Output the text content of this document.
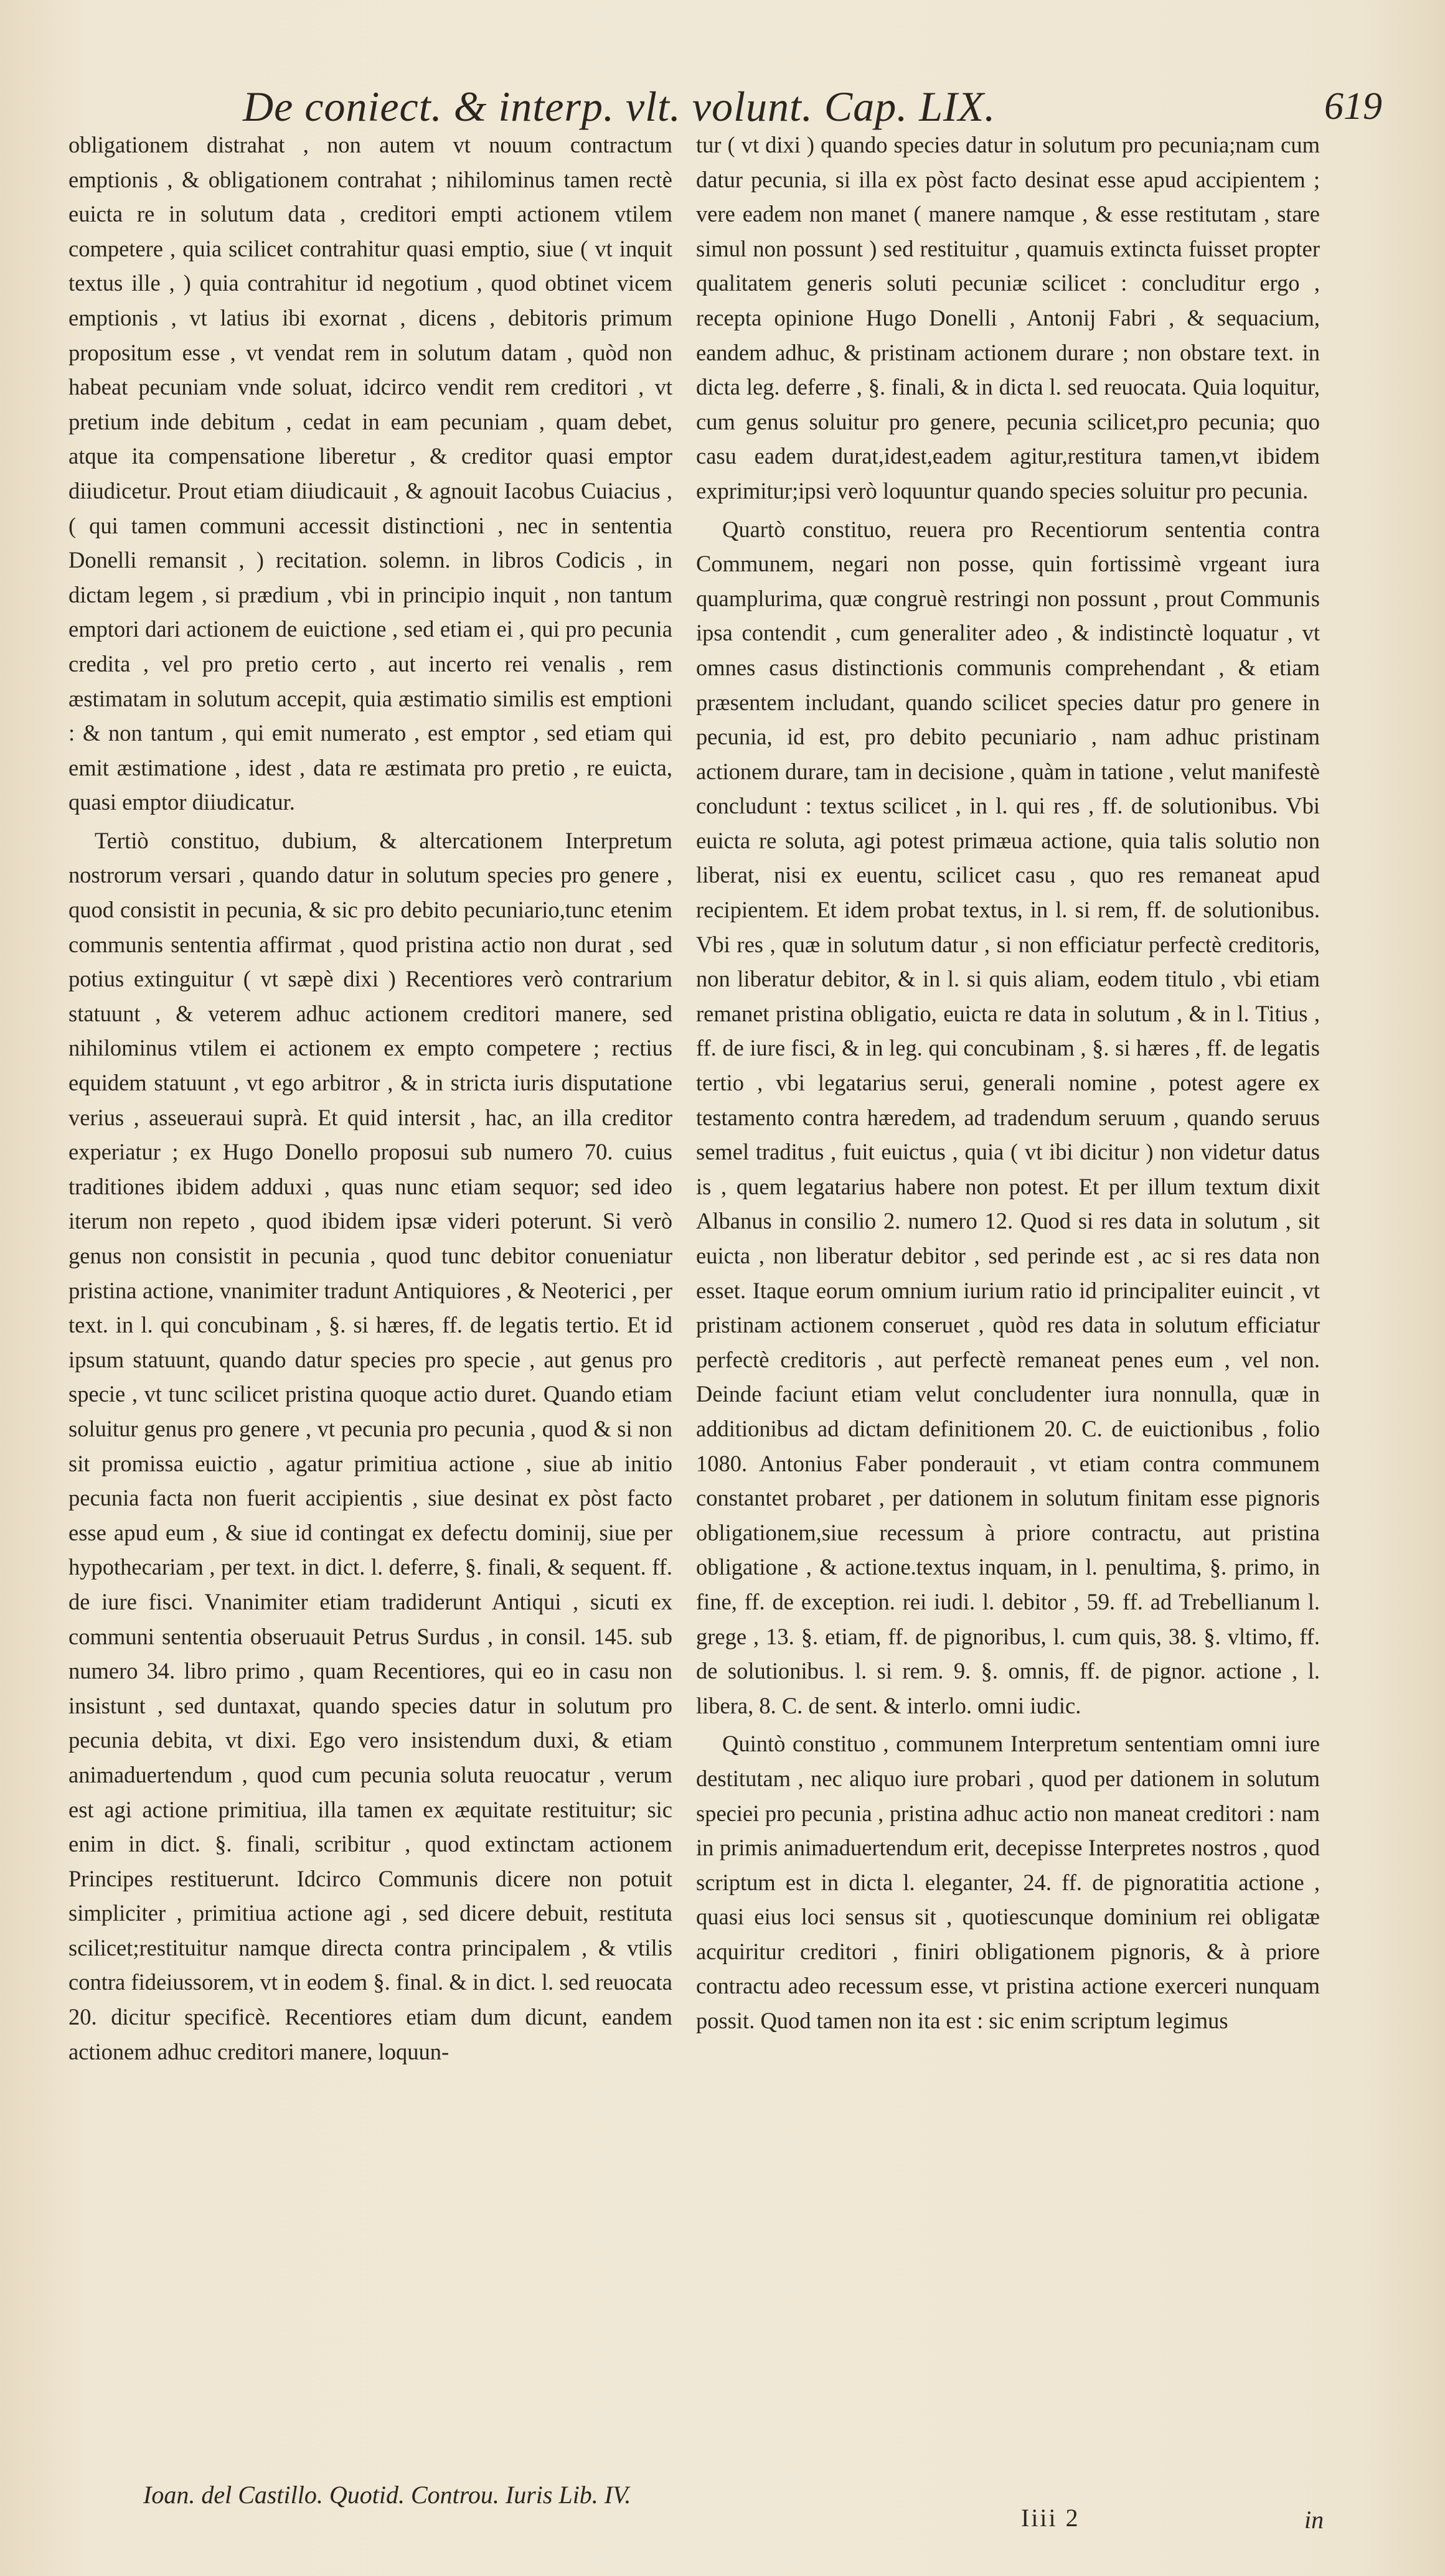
De coniect. & interp. vlt. volunt. Cap. LIX.	619

obligationem distrahat , non autem vt nouum contractum emptionis , & obligationem contrahat ; nihilominus tamen rectè euicta re in solutum data , creditori empti actionem vtilem competere , quia scilicet contrahitur quasi emptio, siue ( vt inquit textus ille , ) quia contrahitur id negotium , quod obtinet vicem emptionis , vt latius ibi exornat , dicens , debitoris primum propositum esse , vt vendat rem in solutum datam , quòd non habeat pecuniam vnde soluat, idcirco vendit rem creditori , vt pretium inde debitum , cedat in eam pecuniam , quam debet, atque ita compensatione liberetur , & creditor quasi emptor diiudicetur. Prout etiam diiudicauit , & agnouit Iacobus Cuiacius , ( qui tamen communi accessit distinctioni , nec in sententia Donelli remansit , ) recitation. solemn. in libros Codicis , in dictam legem , si prædium , vbi in principio inquit , non tantum emptori dari actionem de euictione , sed etiam ei , qui pro pecunia credita , vel pro pretio certo , aut incerto rei venalis , rem æstimatam in solutum accepit, quia æstimatio similis est emptioni : & non tantum , qui emit numerato , est emptor , sed etiam qui emit æstimatione , idest , data re æstimata pro pretio , re euicta, quasi emptor diiudicatur.

Tertiò constituo, dubium, & altercationem Interpretum nostrorum versari , quando datur in solutum species pro genere , quod consistit in pecunia, & sic pro debito pecuniario,tunc etenim communis sententia affirmat , quod pristina actio non durat , sed potius extinguitur ( vt sæpè dixi ) Recentiores verò contrarium statuunt , & veterem adhuc actionem creditori manere, sed nihilominus vtilem ei actionem ex empto competere ; rectius equidem statuunt , vt ego arbitror , & in stricta iuris disputatione verius , asseueraui suprà. Et quid intersit , hac, an illa creditor experiatur ; ex Hugo Donello proposui sub numero 70. cuius traditiones ibidem adduxi , quas nunc etiam sequor; sed ideo iterum non repeto , quod ibidem ipsæ videri poterunt. Si verò genus non consistit in pecunia , quod tunc debitor conueniatur pristina actione, vnanimiter tradunt Antiquiores , & Neoterici , per text. in l. qui concubinam , §. si hæres, ff. de legatis tertio. Et id ipsum statuunt, quando datur species pro specie , aut genus pro specie , vt tunc scilicet pristina quoque actio duret. Quando etiam soluitur genus pro genere , vt pecunia pro pecunia , quod & si non sit promissa euictio , agatur primitiua actione , siue ab initio pecunia facta non fuerit accipientis , siue desinat ex pòst facto esse apud eum , & siue id contingat ex defectu dominij, siue per hypothecariam , per text. in dict. l. deferre, §. finali, & sequent. ff. de iure fisci. Vnanimiter etiam tradiderunt Antiqui , sicuti ex communi sententia obseruauit Petrus Surdus , in consil. 145. sub numero 34. libro primo , quam Recentiores, qui eo in casu non insistunt , sed duntaxat, quando species datur in solutum pro pecunia debita, vt dixi. Ego vero insistendum duxi, & etiam animaduertendum , quod cum pecunia soluta reuocatur , verum est agi actione primitiua, illa tamen ex æquitate restituitur; sic enim in dict. §. finali, scribitur , quod extinctam actionem Principes restituerunt. Idcirco Communis dicere non potuit simpliciter , primitiua actione agi , sed dicere debuit, restituta scilicet;restituitur namque directa contra principalem , & vtilis contra fideiussorem, vt in eodem §. final. & in dict. l. sed reuocata 20. dicitur specificè. Recentiores etiam dum dicunt, eandem actionem adhuc creditori manere, loquun-

tur ( vt dixi ) quando species datur in solutum pro pecunia;nam cum datur pecunia, si illa ex pòst facto desinat esse apud accipientem ; vere eadem non manet ( manere namque , & esse restitutam , stare simul non possunt ) sed restituitur , quamuis extincta fuisset propter qualitatem generis soluti pecuniæ scilicet : concluditur ergo , recepta opinione Hugo Donelli , Antonij Fabri , & sequacium, eandem adhuc, & pristinam actionem durare ; non obstare text. in dicta leg. deferre , §. finali, & in dicta l. sed reuocata. Quia loquitur, cum genus soluitur pro genere, pecunia scilicet,pro pecunia; quo casu eadem durat,idest,eadem agitur,restitura tamen,vt ibidem exprimitur;ipsi verò loquuntur quando species soluitur pro pecunia.

Quartò constituo, reuera pro Recentiorum sententia contra Communem, negari non posse, quin fortissimè vrgeant iura quamplurima, quæ congruè restringi non possunt , prout Communis ipsa contendit , cum generaliter adeo , & indistinctè loquatur , vt omnes casus distinctionis communis comprehendant , & etiam præsentem includant, quando scilicet species datur pro genere in pecunia, id est, pro debito pecuniario , nam adhuc pristinam actionem durare, tam in decisione , quàm in tatione , velut manifestè concludunt : textus scilicet , in l. qui res , ff. de solutionibus. Vbi euicta re soluta, agi potest primæua actione, quia talis solutio non liberat, nisi ex euentu, scilicet casu , quo res remaneat apud recipientem. Et idem probat textus, in l. si rem, ff. de solutionibus. Vbi res , quæ in solutum datur , si non efficiatur perfectè creditoris, non liberatur debitor, & in l. si quis aliam, eodem titulo , vbi etiam remanet pristina obligatio, euicta re data in solutum , & in l. Titius , ff. de iure fisci, & in leg. qui concubinam , §. si hæres , ff. de legatis tertio , vbi legatarius serui, generali nomine , potest agere ex testamento contra hæredem, ad tradendum seruum , quando seruus semel traditus , fuit euictus , quia ( vt ibi dicitur ) non videtur datus is , quem legatarius habere non potest. Et per illum textum dixit Albanus in consilio 2. numero 12. Quod si res data in solutum , sit euicta , non liberatur debitor , sed perinde est , ac si res data non esset. Itaque eorum omnium iurium ratio id principaliter euincit , vt pristinam actionem conseruet , quòd res data in solutum efficiatur perfectè creditoris , aut perfectè remaneat penes eum , vel non. Deinde faciunt etiam velut concludenter iura nonnulla, quæ in additionibus ad dictam definitionem 20. C. de euictionibus , folio 1080. Antonius Faber ponderauit , vt etiam contra communem constantet probaret , per dationem in solutum finitam esse pignoris obligationem,siue recessum à priore contractu, aut pristina obligatione , & actione.textus inquam, in l. penultima, §. primo, in fine, ff. de exception. rei iudi. l. debitor , 59. ff. ad Trebellianum l. grege , 13. §. etiam, ff. de pignoribus, l. cum quis, 38. §. vltimo, ff. de solutionibus. l. si rem. 9. §. omnis, ff. de pignor. actione , l. libera, 8. C. de sent. & interlo. omni iudic.

Quintò constituo , communem Interpretum sententiam omni iure destitutam , nec aliquo iure probari , quod per dationem in solutum speciei pro pecunia , pristina adhuc actio non maneat creditori : nam in primis animaduertendum erit, decepisse Interpretes nostros , quod scriptum est in dicta l. eleganter, 24. ff. de pignoratitia actione , quasi eius loci sensus sit , quotiescunque dominium rei obligatæ acquiritur creditori , finiri obligationem pignoris, & à priore contractu adeo recessum esse, vt pristina actione exerceri nunquam possit. Quod tamen non ita est : sic enim scriptum legimus

Ioan. del Castillo. Quotid. Controu. Iuris Lib. IV.
Iiii 2	in
